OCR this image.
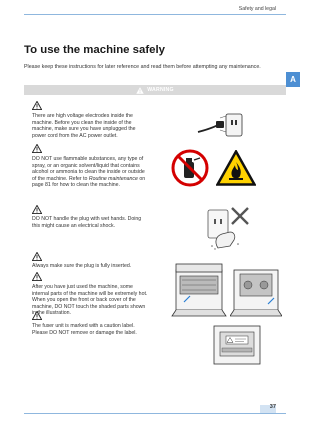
Safety and legal
A
To use the machine safely
Please keep these instructions for later reference and read them before attempting any maintenance.
WARNING
There are high voltage electrodes inside the machine. Before you clean the inside of the machine, make sure you have unplugged the power cord from the AC power outlet.
DO NOT use flammable substances, any type of spray, or an organic solvent/liquid that contains alcohol or ammonia to clean the inside or outside of the machine. Refer to Routine maintenance on page 81 for how to clean the machine.
DO NOT handle the plug with wet hands. Doing this might cause an electrical shock.
Always make sure the plug is fully inserted.
After you have just used the machine, some internal parts of the machine will be extremely hot. When you open the front or back cover of the machine, DO NOT touch the shaded parts shown in the illustration.
The fuser unit is marked with a caution label. Please DO NOT remove or damage the label.
37
